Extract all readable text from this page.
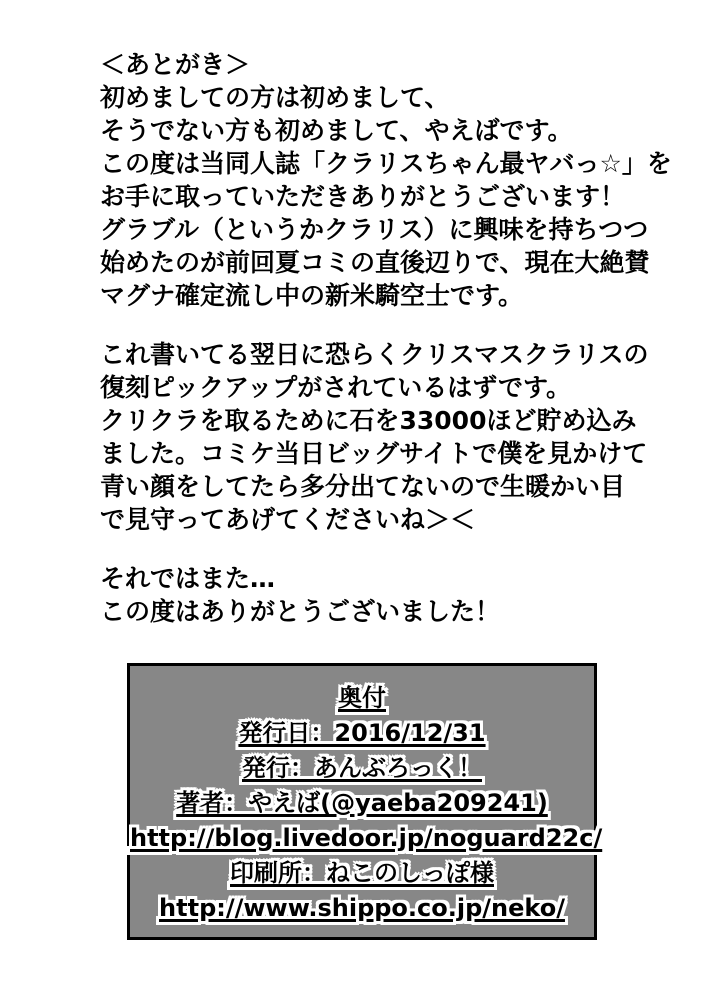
＜あとがき＞
初めましての方は初めまして、
そうでない方も初めまして、やえばです。
この度は当同人誌「クラリスちゃん最ヤバっ☆」を
お手に取っていただきありがとうございます！
グラブル（というかクラリス）に興味を持ちつつ
始めたのが前回夏コミの直後辺りで、現在大絶賛
マグナ確定流し中の新米騎空士です。
これ書いてる翌日に恐らくクリスマスクラリスの
復刻ピックアップがされているはずです。
クリクラを取るために石を33000ほど貯め込み
ました。コミケ当日ビッグサイトで僕を見かけて
青い顔をしてたら多分出てないので生暖かい目
で見守ってあげてくださいね＞＜
それではまた…
この度はありがとうございました！
奥付
発行日：2016/12/31
発行：あんぶろっく！
著者：やえば(@yaeba209241)
http://blog.livedoor.jp/noguard22c/
印刷所：ねこのしっぽ様
http://www.shippo.co.jp/neko/
